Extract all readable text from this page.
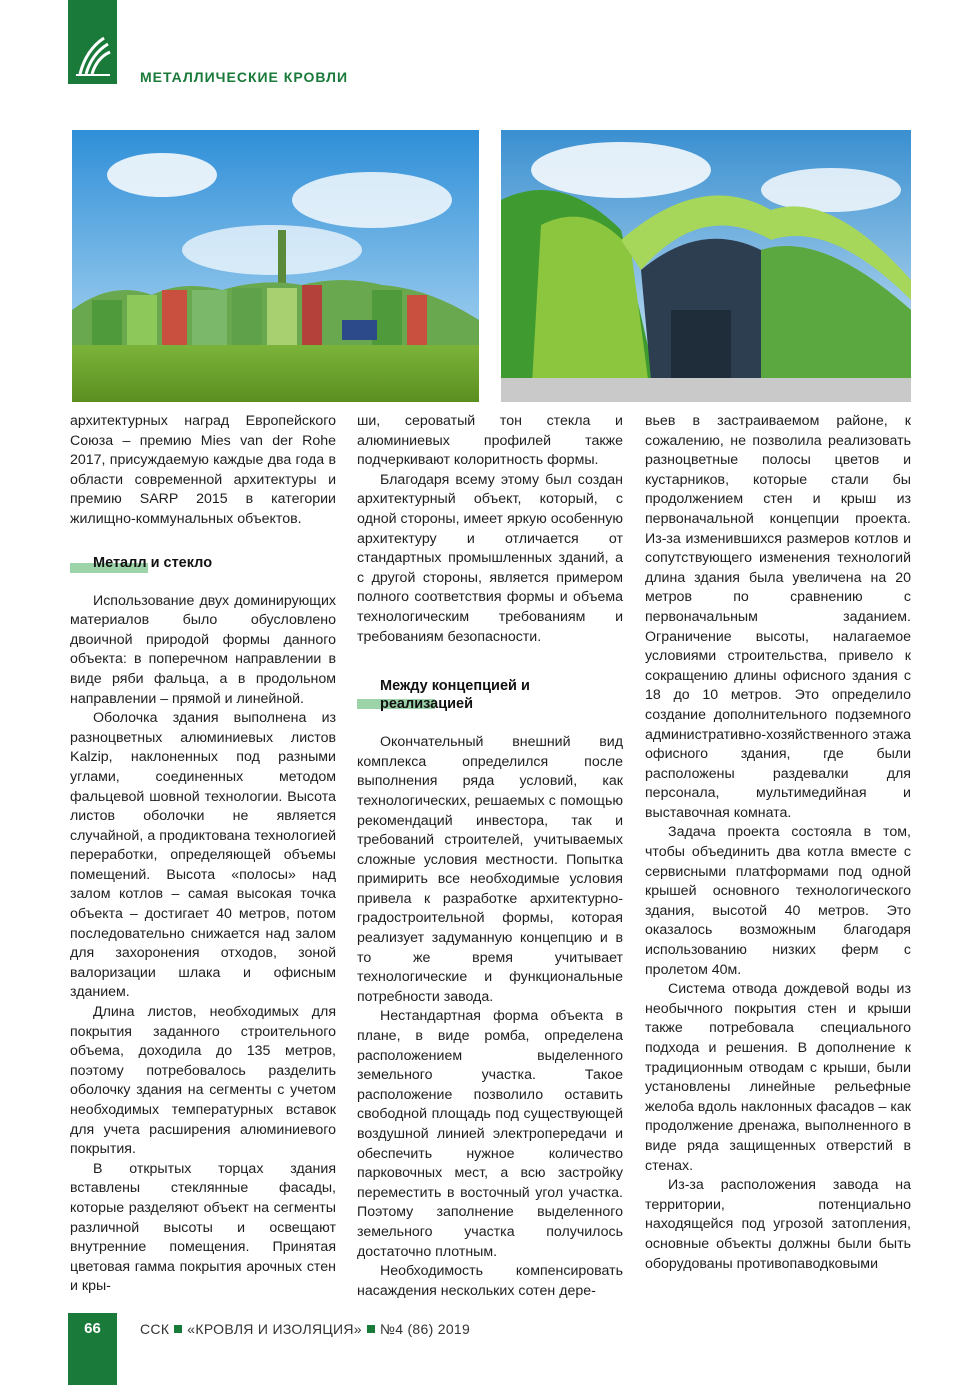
МЕТАЛЛИЧЕСКИЕ КРОВЛИ

архитектурных наград Европейского Союза – премию Mies van der Rohe 2017, присуждаемую каждые два года в области современной архитектуры и премию SARP 2015 в категории жилищно-коммунальных объектов.

Металл и стекло

Использование двух доминирующих материалов было обусловлено двоичной природой формы данного объекта: в поперечном направлении в виде ряби фальца, а в продольном направлении – прямой и линейной.

Оболочка здания выполнена из разноцветных алюминиевых листов Kalzip, наклоненных под разными углами, соединенных методом фальцевой шовной технологии. Высота листов оболочки не является случайной, а продиктована технологией переработки, определяющей объемы помещений. Высота «полосы» над залом котлов – самая высокая точка объекта – достигает 40 метров, потом последовательно снижается над залом для захоронения отходов, зоной валоризации шлака и офисным зданием.

Длина листов, необходимых для покрытия заданного строительного объема, доходила до 135 метров, поэтому потребовалось разделить оболочку здания на сегменты с учетом необходимых температурных вставок для учета расширения алюминиевого покрытия.

В открытых торцах здания вставлены стеклянные фасады, которые разделяют объект на сегменты различной высоты и освещают внутренние помещения. Принятая цветовая гамма покрытия арочных стен и кры-

ши, сероватый тон стекла и алюминиевых профилей также подчеркивают колоритность формы.

Благодаря всему этому был создан архитектурный объект, который, с одной стороны, имеет яркую особенную архитектуру и отличается от стандартных промышленных зданий, а с другой стороны, является примером полного соответствия формы и объема технологическим требованиям и требованиям безопасности.

Между концепцией и реализацией

Окончательный внешний вид комплекса определился после выполнения ряда условий, как технологических, решаемых с помощью рекомендаций инвестора, так и требований строителей, учитываемых сложные условия местности. Попытка примирить все необходимые условия привела к разработке архитектурно-градостроительной формы, которая реализует задуманную концепцию и в то же время учитывает технологические и функциональные потребности завода.

Нестандартная форма объекта в плане, в виде ромба, определена расположением выделенного земельного участка. Такое расположение позволило оставить свободной площадь под существующей воздушной линией электропередачи и обеспечить нужное количество парковочных мест, а всю застройку переместить в восточный угол участка. Поэтому заполнение выделенного земельного участка получилось достаточно плотным.

Необходимость компенсировать насаждения нескольких сотен дере-

вьев в застраиваемом районе, к сожалению, не позволила реализовать разноцветные полосы цветов и кустарников, которые стали бы продолжением стен и крыш из первоначальной концепции проекта. Из-за изменившихся размеров котлов и сопутствующего изменения технологий длина здания была увеличена на 20 метров по сравнению с первоначальным заданием. Ограничение высоты, налагаемое условиями строительства, привело к сокращению длины офисного здания с 18 до 10 метров. Это определило создание дополнительного подземного административно-хозяйственного этажа офисного здания, где были расположены раздевалки для персонала, мультимедийная и выставочная комната.

Задача проекта состояла в том, чтобы объединить два котла вместе с сервисными платформами под одной крышей основного технологического здания, высотой 40 метров. Это оказалось возможным благодаря использованию низких ферм с пролетом 40м.

Система отвода дождевой воды из необычного покрытия стен и крыши также потребовала специального подхода и решения. В дополнение к традиционным отводам с крыши, были установлены линейные рельефные желоба вдоль наклонных фасадов – как продолжение дренажа, выполненного в виде ряда защищенных отверстий в стенах.

Из-за расположения завода на территории, потенциально находящейся под угрозой затопления, основные объекты должны были быть оборудованы противопаводковыми

66	ССК «КРОВЛЯ И ИЗОЛЯЦИЯ» №4 (86) 2019
